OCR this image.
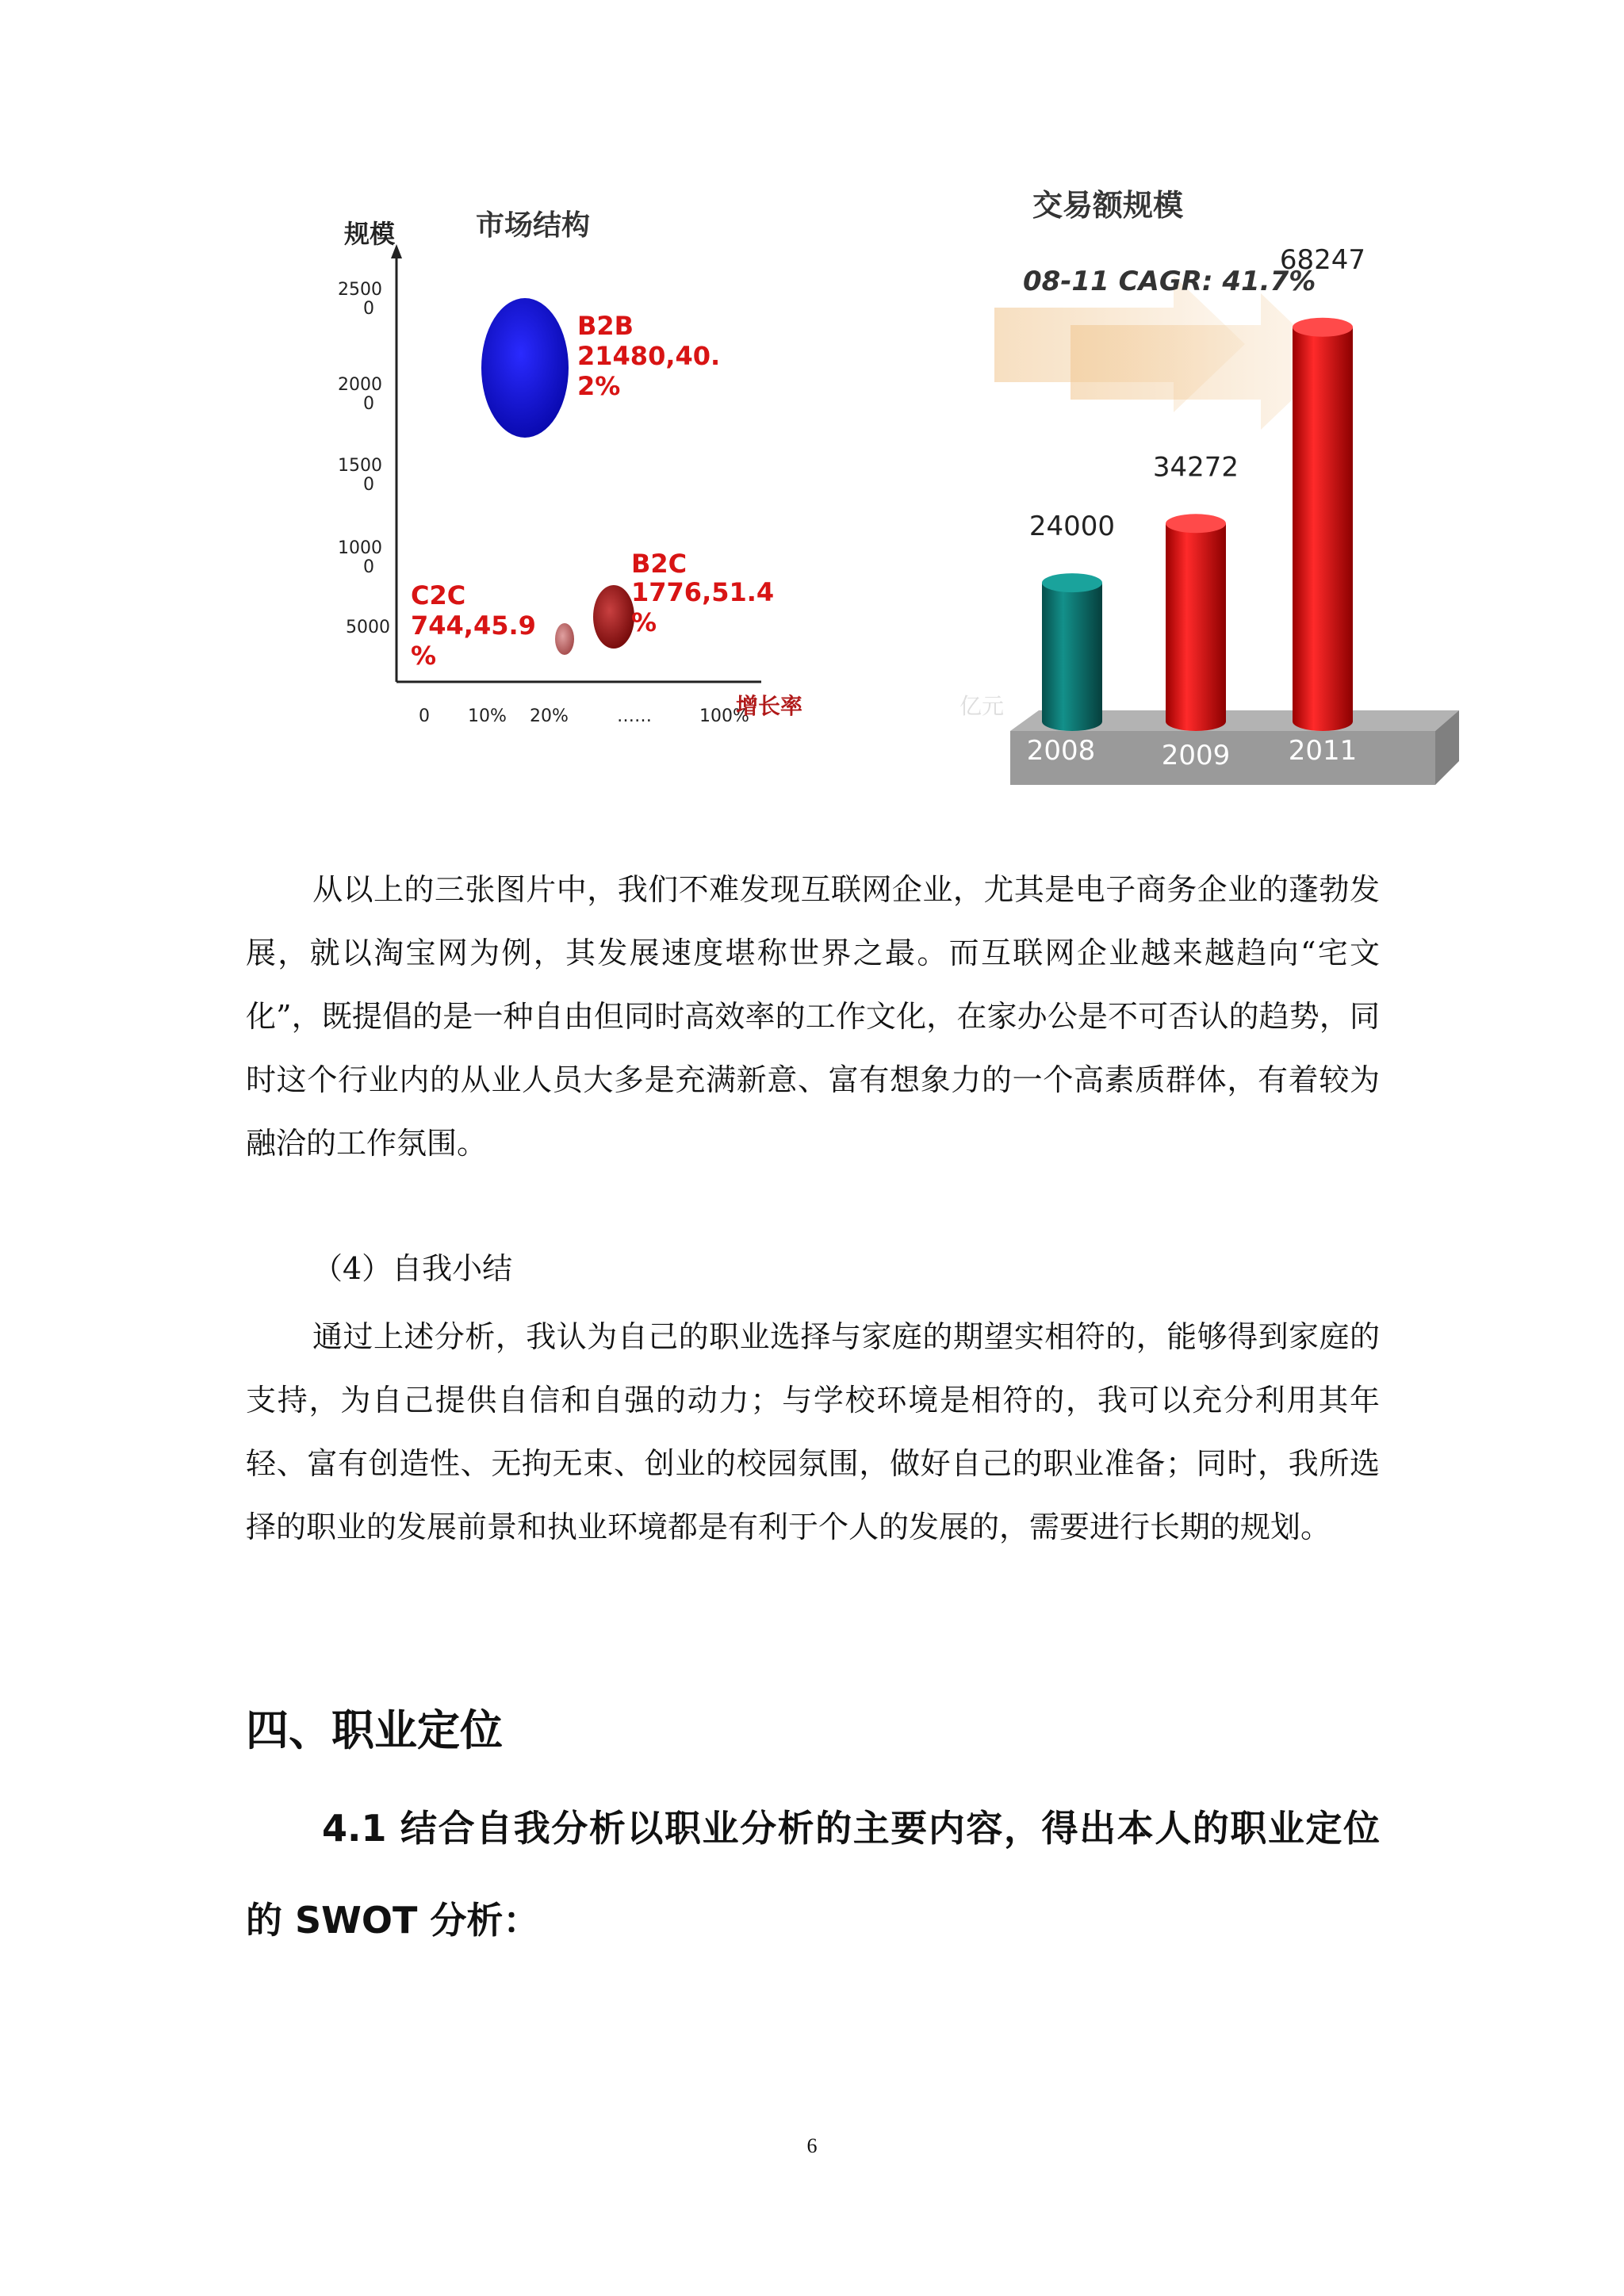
规模	市场结构
2500
0
2000
0
1500
0
1000
0
5000
0 10% 20%	……	100%
增长率
B2B
21480,40.
2%
B2C
1776,51.4
%
C2C
744,45.9
%
交易额规模
08-11 CAGR: 41.7%
亿元
24000
34272
68247
2008 2009 2011

从以上的三张图片中，我们不难发现互联网企业，尤其是电子商务企业的蓬勃发展，就以淘宝网为例，其发展速度堪称世界之最。而互联网企业越来越趋向“宅文化”，既提倡的是一种自由但同时高效率的工作文化，在家办公是不可否认的趋势，同时这个行业内的从业人员大多是充满新意、富有想象力的一个高素质群体，有着较为融洽的工作氛围。

（4）自我小结

通过上述分析，我认为自己的职业选择与家庭的期望实相符的，能够得到家庭的支持，为自己提供自信和自强的动力；与学校环境是相符的，我可以充分利用其年轻、富有创造性、无拘无束、创业的校园氛围，做好自己的职业准备；同时，我所选择的职业的发展前景和执业环境都是有利于个人的发展的，需要进行长期的规划。

四、职业定位

4.1 结合自我分析以职业分析的主要内容，得出本人的职业定位的 SWOT 分析：

6
